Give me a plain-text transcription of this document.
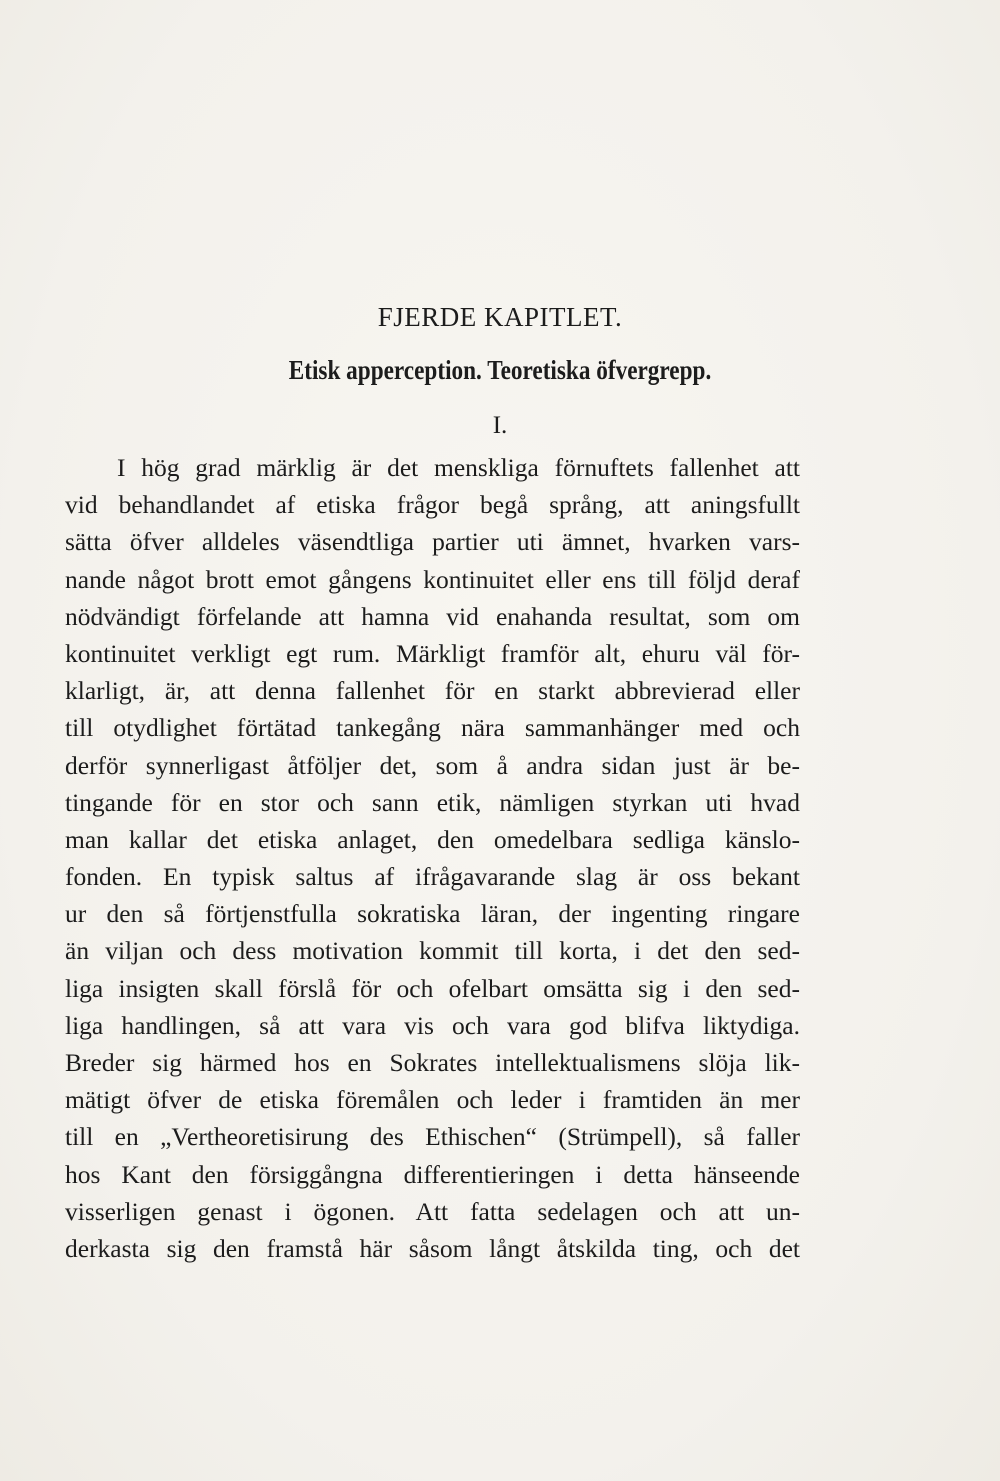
FJERDE KAPITLET.
Etisk apperception. Teoretiska öfvergrepp.
I.
I hög grad märklig är det menskliga förnuftets fallenhet att
vid behandlandet af etiska frågor begå språng, att aningsfullt
sätta öfver alldeles väsendtliga partier uti ämnet, hvarken vars-
nande något brott emot gångens kontinuitet eller ens till följd deraf
nödvändigt förfelande att hamna vid enahanda resultat, som om
kontinuitet verkligt egt rum. Märkligt framför alt, ehuru väl för-
klarligt, är, att denna fallenhet för en starkt abbrevierad eller
till otydlighet förtätad tankegång nära sammanhänger med och
derför synnerligast åtföljer det, som å andra sidan just är be-
tingande för en stor och sann etik, nämligen styrkan uti hvad
man kallar det etiska anlaget, den omedelbara sedliga känslo-
fonden. En typisk saltus af ifrågavarande slag är oss bekant
ur den så förtjenstfulla sokratiska läran, der ingenting ringare
än viljan och dess motivation kommit till korta, i det den sed-
liga insigten skall förslå för och ofelbart omsätta sig i den sed-
liga handlingen, så att vara vis och vara god blifva liktydiga.
Breder sig härmed hos en Sokrates intellektualismens slöja lik-
mätigt öfver de etiska föremålen och leder i framtiden än mer
till en „Vertheoretisirung des Ethischen“ (Strümpell), så faller
hos Kant den försiggångna differentieringen i detta hänseende
visserligen genast i ögonen. Att fatta sedelagen och att un-
derkasta sig den framstå här såsom långt åtskilda ting, och det
